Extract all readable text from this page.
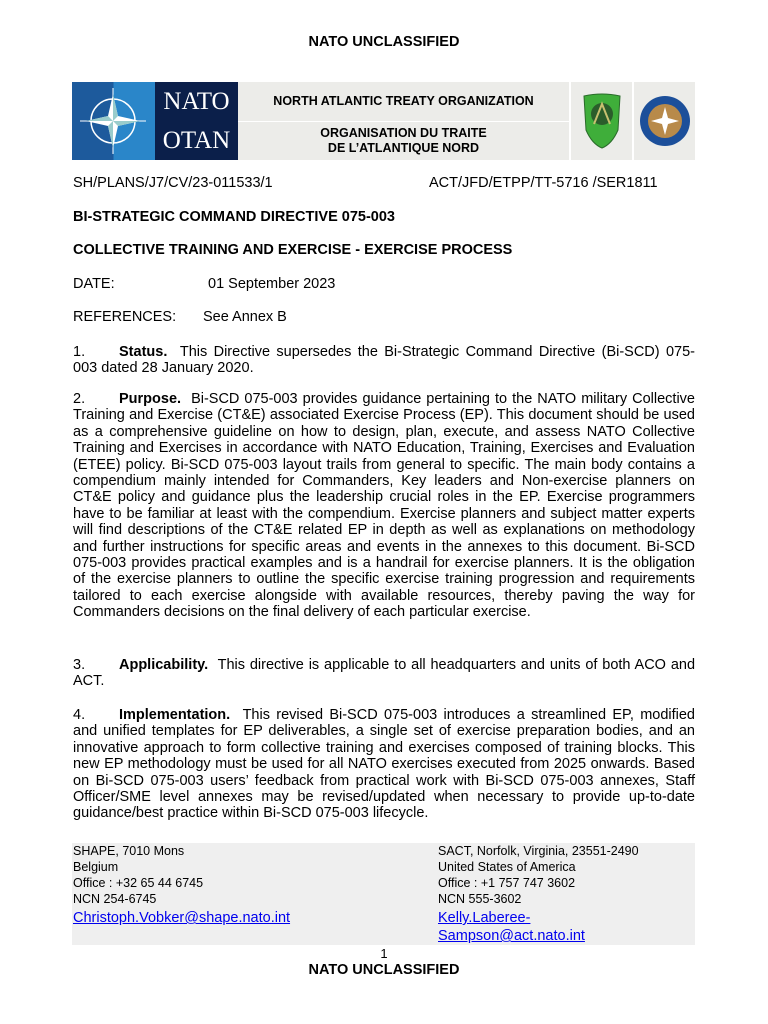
NATO UNCLASSIFIED
NATO
OTAN
NORTH ATLANTIC TREATY ORGANIZATION
ORGANISATION DU TRAITE
DE L’ATLANTIQUE NORD
SH/PLANS/J7/CV/23-011533/1	ACT/JFD/ETPP/TT-5716 /SER1811
BI-STRATEGIC COMMAND DIRECTIVE 075-003
COLLECTIVE TRAINING AND EXERCISE - EXERCISE PROCESS
DATE:	01 September 2023
REFERENCES: See Annex B
1. Status. This Directive supersedes the Bi-Strategic Command Directive (Bi-SCD) 075-003 dated 28 January 2020.
2. Purpose. Bi-SCD 075-003 provides guidance pertaining to the NATO military Collective Training and Exercise (CT&E) associated Exercise Process (EP). This document should be used as a comprehensive guideline on how to design, plan, execute, and assess NATO Collective Training and Exercises in accordance with NATO Education, Training, Exercises and Evaluation (ETEE) policy. Bi-SCD 075-003 layout trails from general to specific. The main body contains a compendium mainly intended for Commanders, Key leaders and Non-exercise planners on CT&E policy and guidance plus the leadership crucial roles in the EP. Exercise programmers have to be familiar at least with the compendium. Exercise planners and subject matter experts will find descriptions of the CT&E related EP in depth as well as explanations on methodology and further instructions for specific areas and events in the annexes to this document. Bi-SCD 075-003 provides practical examples and is a handrail for exercise planners. It is the obligation of the exercise planners to outline the specific exercise training progression and requirements tailored to each exercise alongside with available resources, thereby paving the way for Commanders decisions on the final delivery of each particular exercise.
3. Applicability. This directive is applicable to all headquarters and units of both ACO and ACT.
4. Implementation. This revised Bi-SCD 075-003 introduces a streamlined EP, modified and unified templates for EP deliverables, a single set of exercise preparation bodies, and an innovative approach to form collective training and exercises composed of training blocks. This new EP methodology must be used for all NATO exercises executed from 2025 onwards. Based on Bi-SCD 075-003 users’ feedback from practical work with Bi-SCD 075-003 annexes, Staff Officer/SME level annexes may be revised/updated when necessary to provide up-to-date guidance/best practice within Bi-SCD 075-003 lifecycle.
SHAPE, 7010 Mons
Belgium
Office : +32 65 44 6745
NCN 254-6745
Christoph.Vobker@shape.nato.int
SACT, Norfolk, Virginia, 23551-2490
United States of America
Office : +1 757 747 3602
NCN 555-3602
Kelly.Laberee-Sampson@act.nato.int
1
NATO UNCLASSIFIED
